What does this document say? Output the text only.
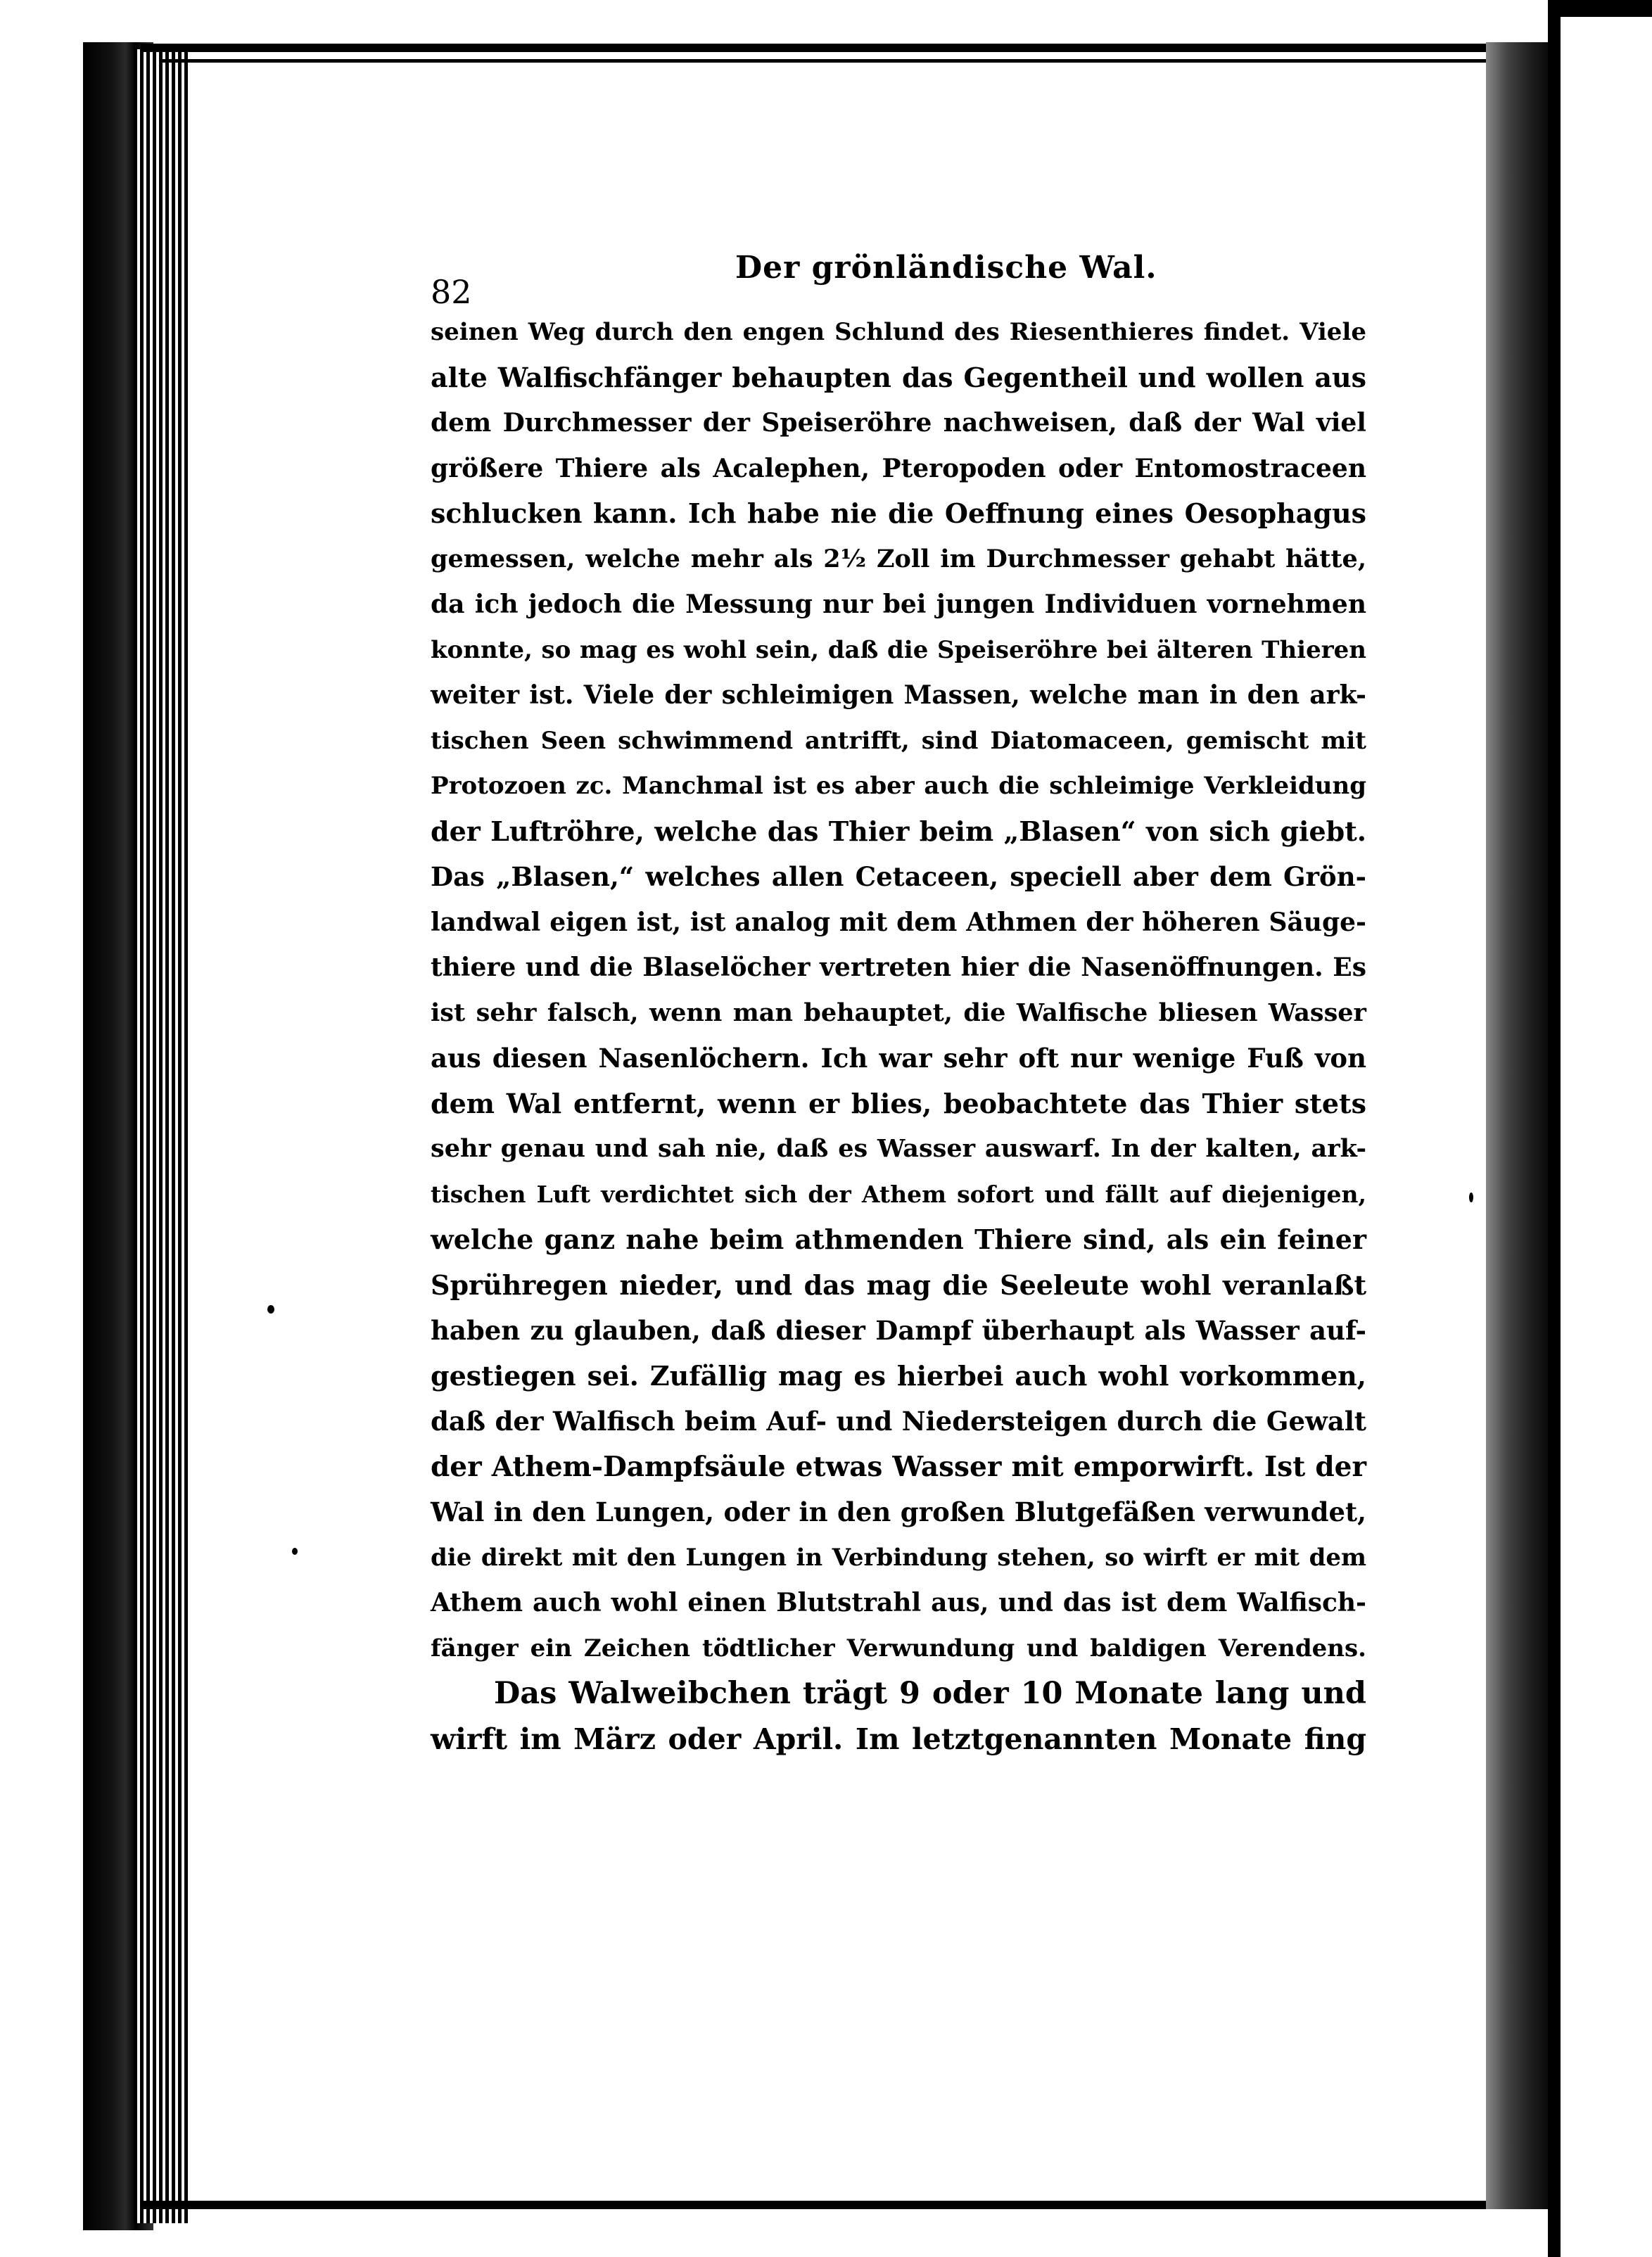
82
Der grönländische Wal.
seinen Weg durch den engen Schlund des Riesenthieres findet. Viele
alte Walfischfänger behaupten das Gegentheil und wollen aus
dem Durchmesser der Speiseröhre nachweisen, daß der Wal viel
größere Thiere als Acalephen, Pteropoden oder Entomostraceen
schlucken kann. Ich habe nie die Oeffnung eines Oesophagus
gemessen, welche mehr als 2½ Zoll im Durchmesser gehabt hätte,
da ich jedoch die Messung nur bei jungen Individuen vornehmen
konnte, so mag es wohl sein, daß die Speiseröhre bei älteren Thieren
weiter ist. Viele der schleimigen Massen, welche man in den ark-
tischen Seen schwimmend antrifft, sind Diatomaceen, gemischt mit
Protozoen zc. Manchmal ist es aber auch die schleimige Verkleidung
der Luftröhre, welche das Thier beim „Blasen“ von sich giebt.
Das „Blasen,“ welches allen Cetaceen, speciell aber dem Grön-
landwal eigen ist, ist analog mit dem Athmen der höheren Säuge-
thiere und die Blaselöcher vertreten hier die Nasenöffnungen. Es
ist sehr falsch, wenn man behauptet, die Walfische bliesen Wasser
aus diesen Nasenlöchern. Ich war sehr oft nur wenige Fuß von
dem Wal entfernt, wenn er blies, beobachtete das Thier stets
sehr genau und sah nie, daß es Wasser auswarf. In der kalten, ark-
tischen Luft verdichtet sich der Athem sofort und fällt auf diejenigen,
welche ganz nahe beim athmenden Thiere sind, als ein feiner
Sprühregen nieder, und das mag die Seeleute wohl veranlaßt
haben zu glauben, daß dieser Dampf überhaupt als Wasser auf-
gestiegen sei. Zufällig mag es hierbei auch wohl vorkommen,
daß der Walfisch beim Auf- und Niedersteigen durch die Gewalt
der Athem-Dampfsäule etwas Wasser mit emporwirft. Ist der
Wal in den Lungen, oder in den großen Blutgefäßen verwundet,
die direkt mit den Lungen in Verbindung stehen, so wirft er mit dem
Athem auch wohl einen Blutstrahl aus, und das ist dem Walfisch-
fänger ein Zeichen tödtlicher Verwundung und baldigen Verendens.
Das Walweibchen trägt 9 oder 10 Monate lang und
wirft im März oder April. Im letztgenannten Monate fing
